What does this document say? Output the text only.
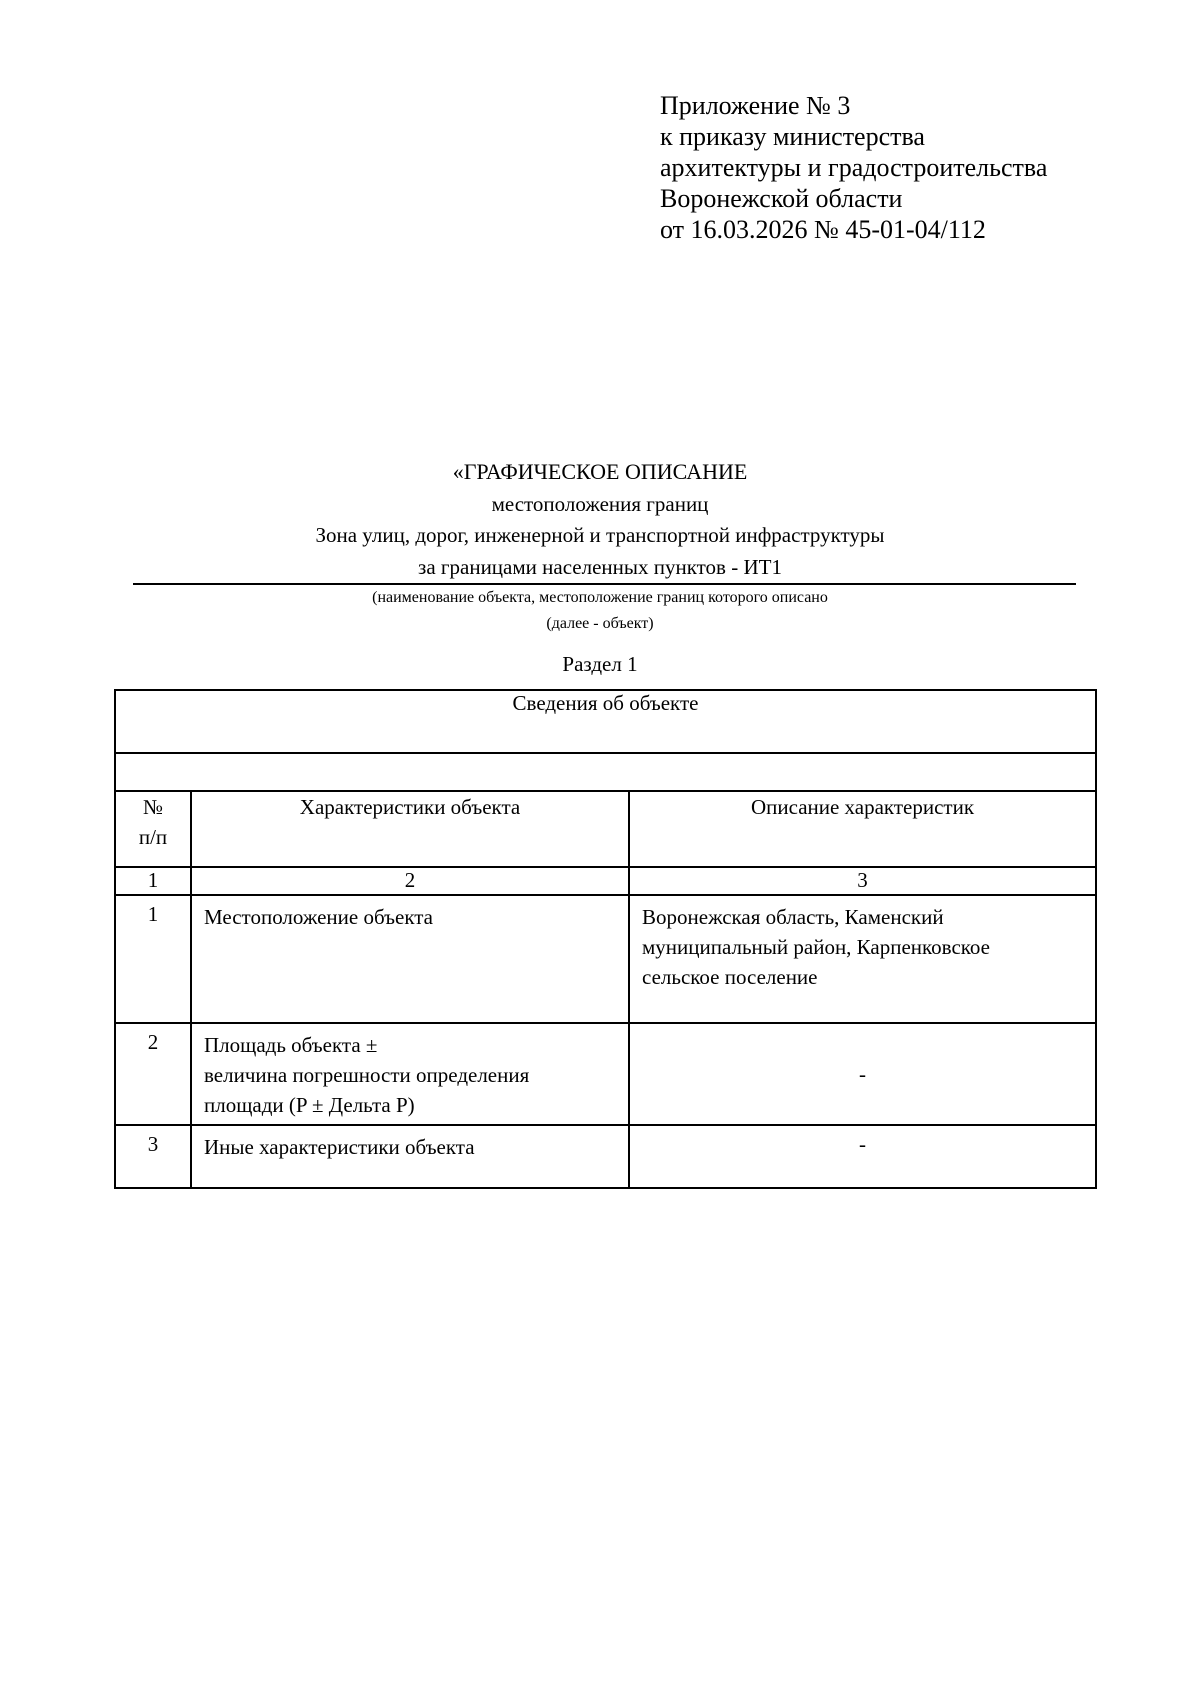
Приложение № 3
к приказу министерства
архитектуры и градостроительства
Воронежской области
от 16.03.2026 № 45-01-04/112
«ГРАФИЧЕСКОЕ ОПИСАНИЕ
местоположения границ
Зона улиц, дорог, инженерной и транспортной инфраструктуры
за границами населенных пунктов - ИТ1
(наименование объекта, местоположение границ которого описано
(далее - объект)
Раздел 1
Сведения об объекте		

№
п/п	Характеристики объекта	Описание характеристик
1	2	3
1	Местоположение объекта	Воронежская область, Каменский
муниципальный район, Карпенковское
сельское поселение

2	Площадь объекта ±
величина погрешности определения
площади (P ± Дельта P)	-
3	Иные характеристики объекта	-
